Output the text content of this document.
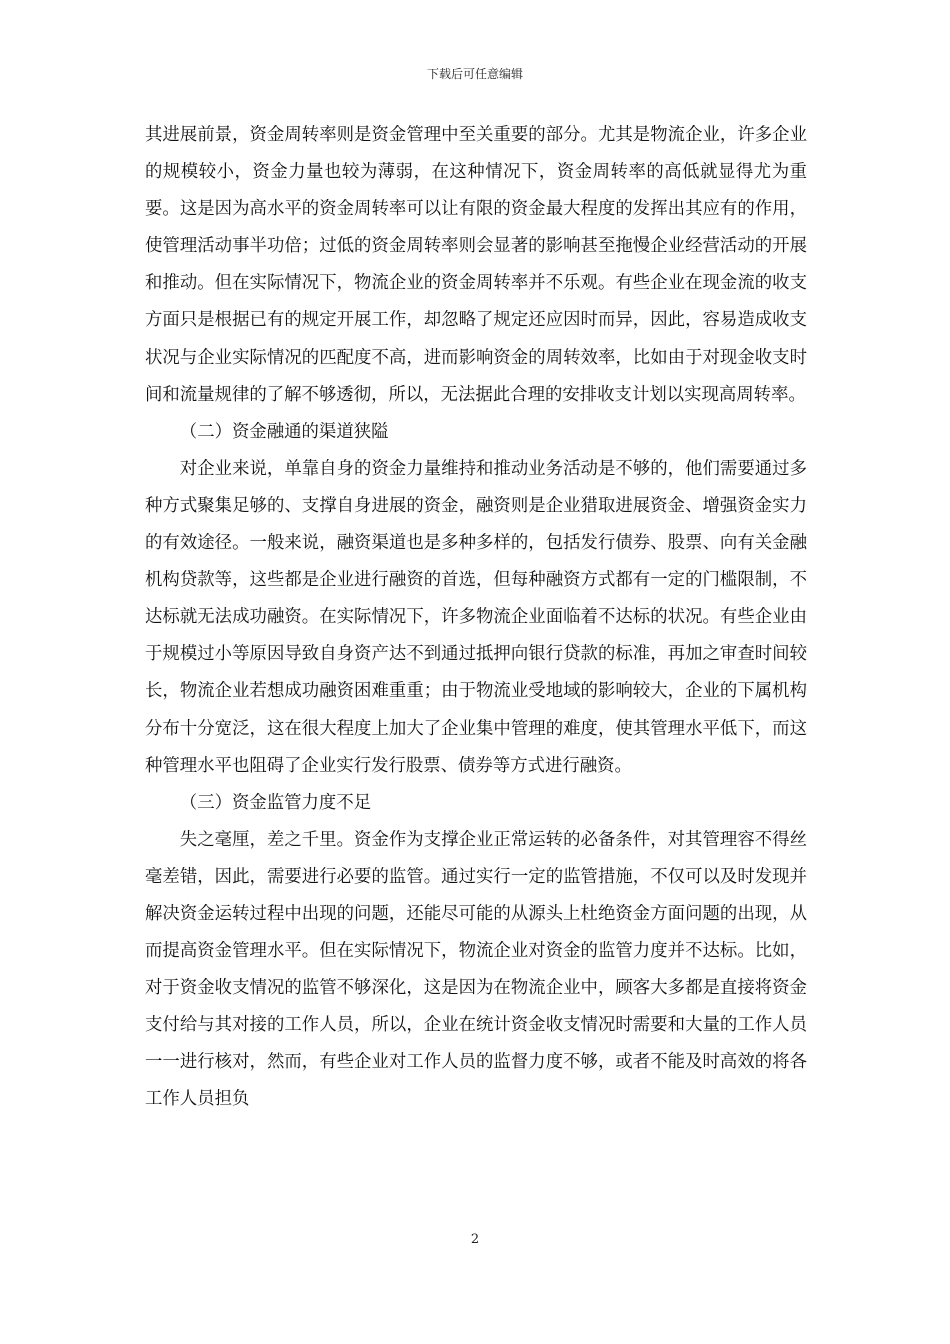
下载后可任意编辑

其进展前景，资金周转率则是资金管理中至关重要的部分。尤其是物流企业，许多企业的规模较小，资金力量也较为薄弱，在这种情况下，资金周转率的高低就显得尤为重要。这是因为高水平的资金周转率可以让有限的资金最大程度的发挥出其应有的作用，使管理活动事半功倍；过低的资金周转率则会显著的影响甚至拖慢企业经营活动的开展和推动。但在实际情况下，物流企业的资金周转率并不乐观。有些企业在现金流的收支方面只是根据已有的规定开展工作，却忽略了规定还应因时而异，因此，容易造成收支状况与企业实际情况的匹配度不高，进而影响资金的周转效率，比如由于对现金收支时间和流量规律的了解不够透彻，所以，无法据此合理的安排收支计划以实现高周转率。

（二）资金融通的渠道狭隘

对企业来说，单靠自身的资金力量维持和推动业务活动是不够的，他们需要通过多种方式聚集足够的、支撑自身进展的资金，融资则是企业猎取进展资金、增强资金实力的有效途径。一般来说，融资渠道也是多种多样的，包括发行债券、股票、向有关金融机构贷款等，这些都是企业进行融资的首选，但每种融资方式都有一定的门槛限制，不达标就无法成功融资。在实际情况下，许多物流企业面临着不达标的状况。有些企业由于规模过小等原因导致自身资产达不到通过抵押向银行贷款的标准，再加之审查时间较长，物流企业若想成功融资困难重重；由于物流业受地域的影响较大，企业的下属机构分布十分宽泛，这在很大程度上加大了企业集中管理的难度，使其管理水平低下，而这种管理水平也阻碍了企业实行发行股票、债券等方式进行融资。

（三）资金监管力度不足

失之毫厘，差之千里。资金作为支撑企业正常运转的必备条件，对其管理容不得丝毫差错，因此，需要进行必要的监管。通过实行一定的监管措施，不仅可以及时发现并解决资金运转过程中出现的问题，还能尽可能的从源头上杜绝资金方面问题的出现，从而提高资金管理水平。但在实际情况下，物流企业对资金的监管力度并不达标。比如，对于资金收支情况的监管不够深化，这是因为在物流企业中，顾客大多都是直接将资金支付给与其对接的工作人员，所以，企业在统计资金收支情况时需要和大量的工作人员一一进行核对，然而，有些企业对工作人员的监督力度不够，或者不能及时高效的将各工作人员担负

2
